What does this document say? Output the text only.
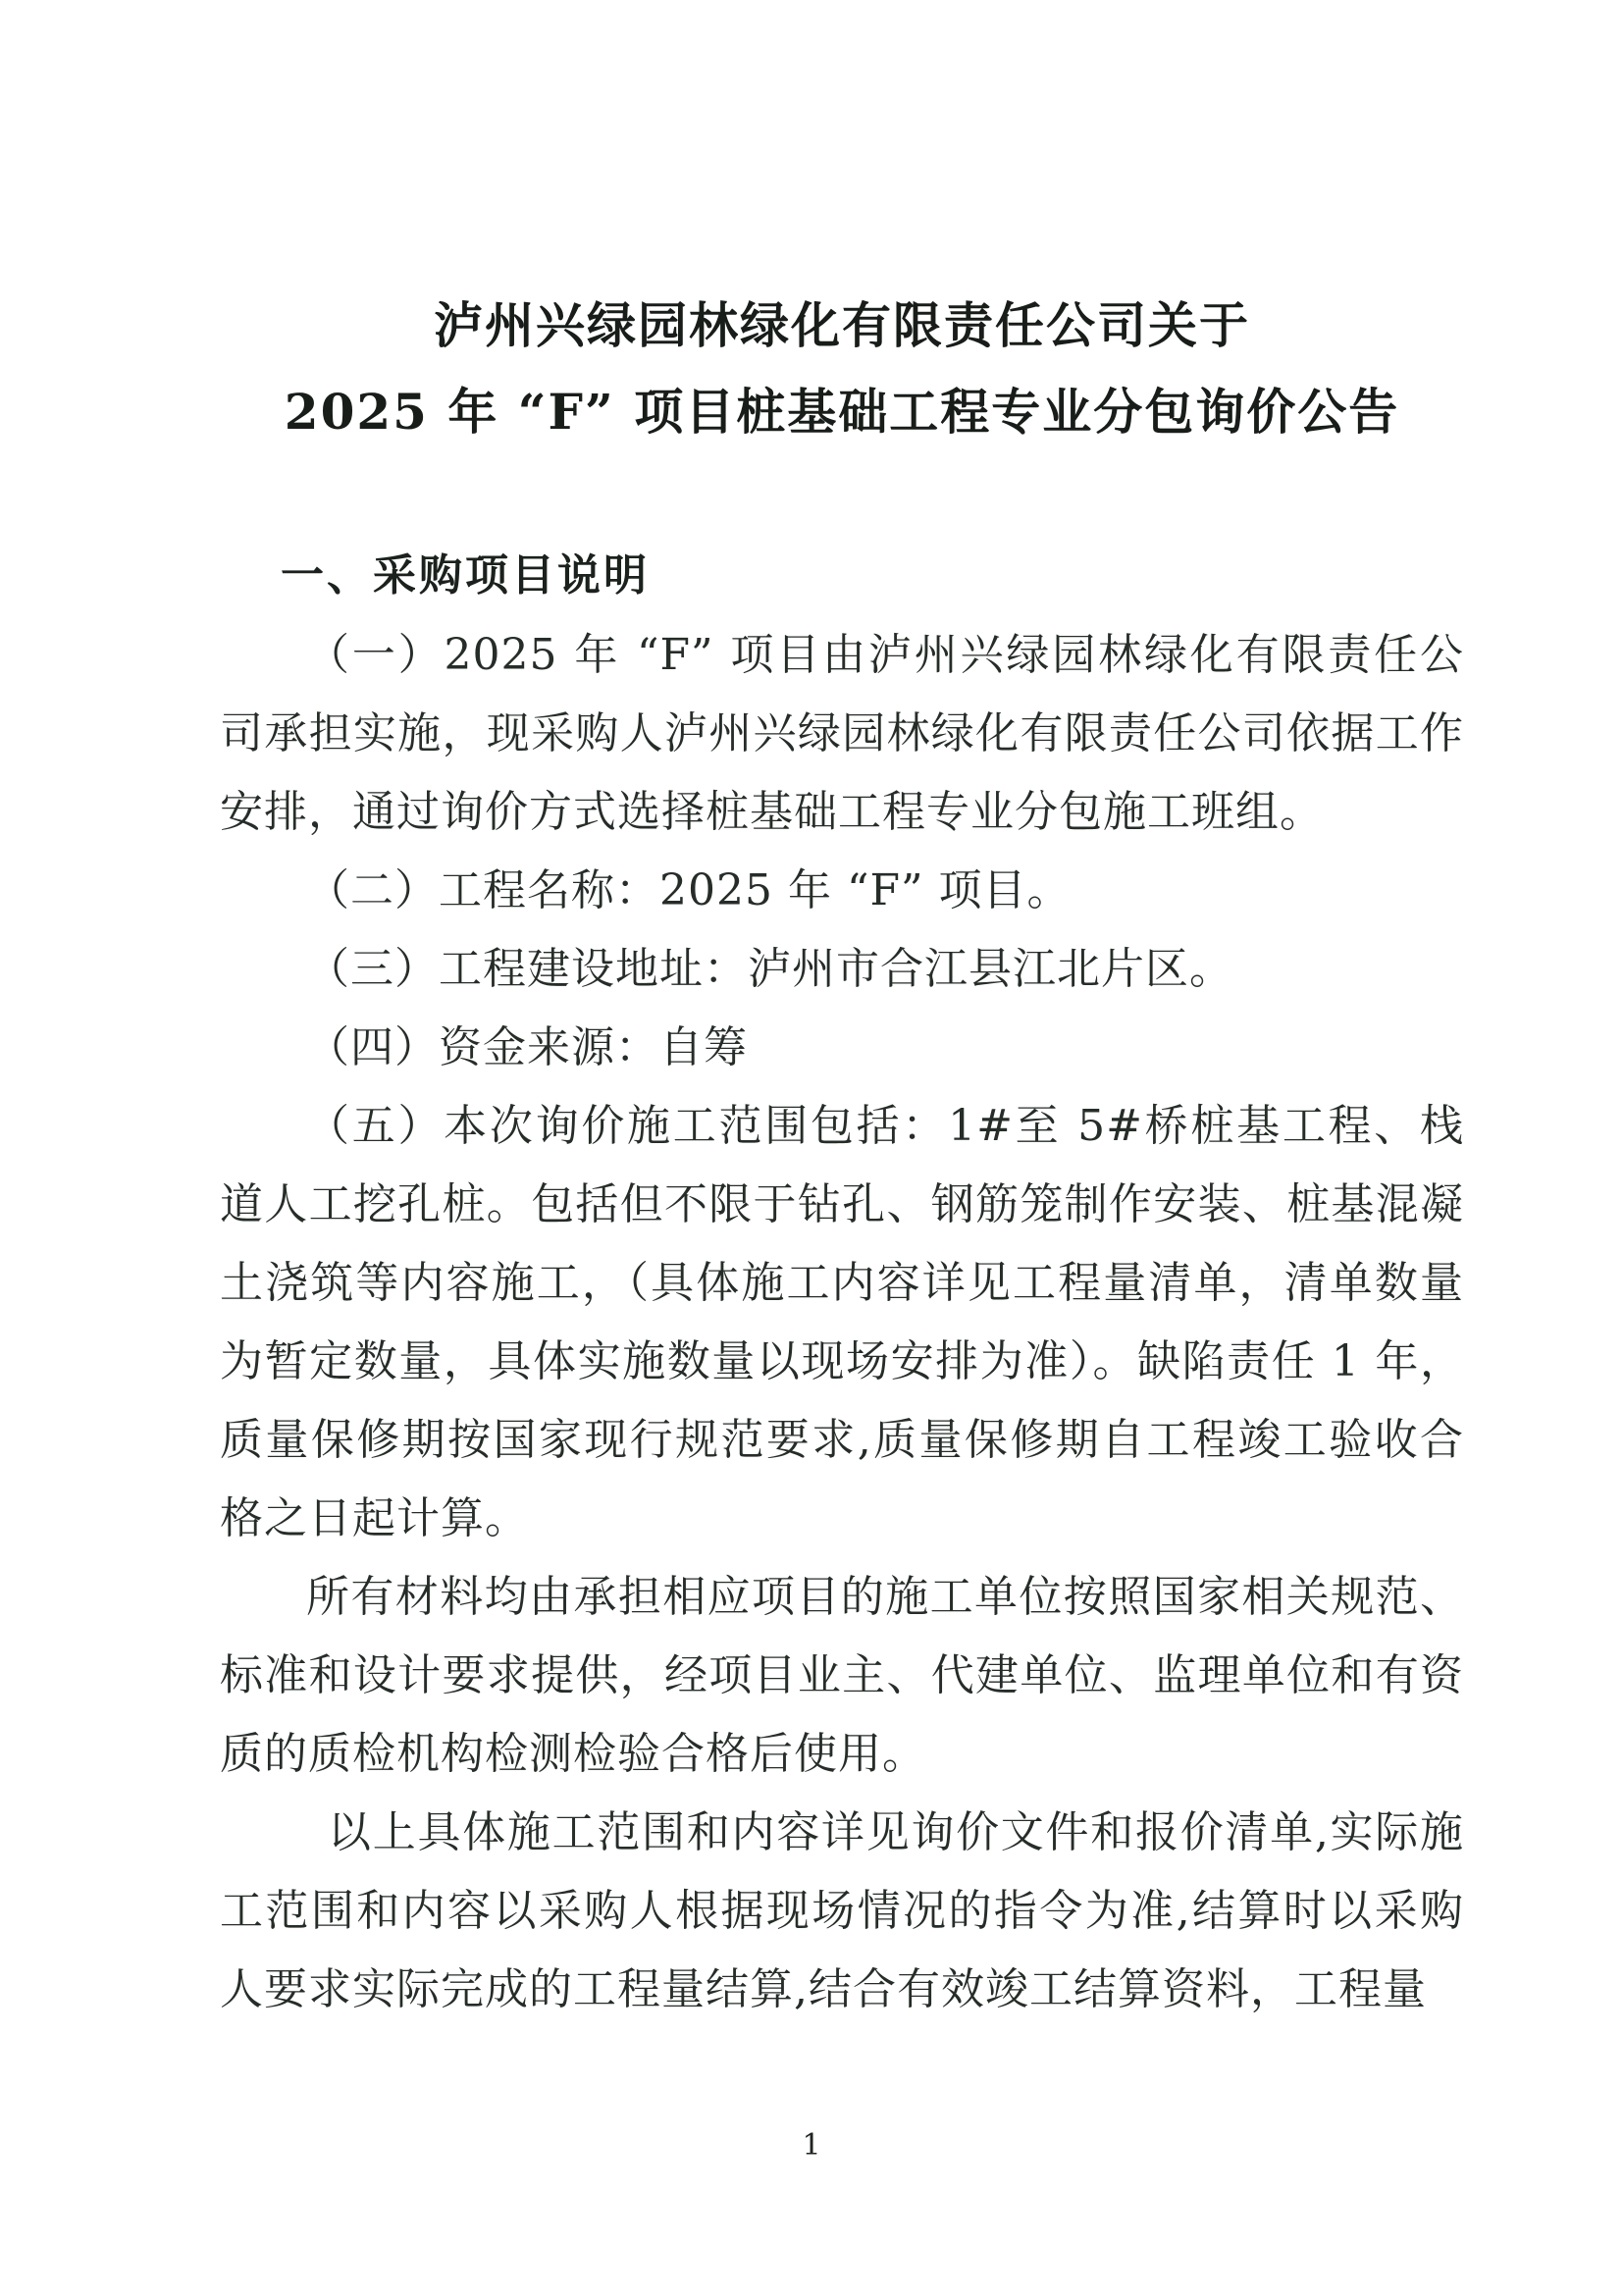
泸州兴绿园林绿化有限责任公司关于
2025 年 “F” 项目桩基础工程专业分包询价公告
一、采购项目说明

（一）2025 年 “F” 项目由泸州兴绿园林绿化有限责任公司承担实施，现采购人泸州兴绿园林绿化有限责任公司依据工作安排，通过询价方式选择桩基础工程专业分包施工班组。

（二）工程名称：2025 年 “F” 项目。

（三）工程建设地址：泸州市合江县江北片区。

（四）资金来源：自筹

（五）本次询价施工范围包括：1#至 5#桥桩基工程、栈道人工挖孔桩。包括但不限于钻孔、钢筋笼制作安装、桩基混凝土浇筑等内容施工，（具体施工内容详见工程量清单，清单数量为暂定数量，具体实施数量以现场安排为准）。缺陷责任 1 年，质量保修期按国家现行规范要求,质量保修期自工程竣工验收合格之日起计算。

所有材料均由承担相应项目的施工单位按照国家相关规范、标准和设计要求提供，经项目业主、代建单位、监理单位和有资质的质检机构检测检验合格后使用。

以上具体施工范围和内容详见询价文件和报价清单,实际施工范围和内容以采购人根据现场情况的指令为准,结算时以采购人要求实际完成的工程量结算,结合有效竣工结算资料，工程量

1
